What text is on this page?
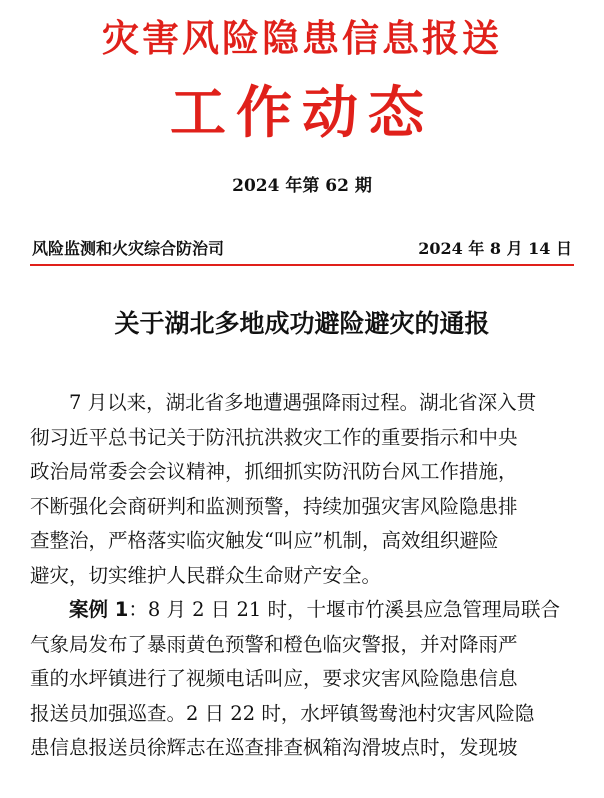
灾害风险隐患信息报送
工作动态
2024 年第 62 期
风险监测和火灾综合防治司	2024 年 8 月 14 日
关于湖北多地成功避险避灾的通报
7 月以来，湖北省多地遭遇强降雨过程。湖北省深入贯
彻习近平总书记关于防汛抗洪救灾工作的重要指示和中央
政治局常委会会议精神，抓细抓实防汛防台风工作措施，
不断强化会商研判和监测预警，持续加强灾害风险隐患排
查整治，严格落实临灾触发“叫应”机制，高效组织避险
避灾，切实维护人民群众生命财产安全。
案例 1：8 月 2 日 21 时，十堰市竹溪县应急管理局联合
气象局发布了暴雨黄色预警和橙色临灾警报，并对降雨严
重的水坪镇进行了视频电话叫应，要求灾害风险隐患信息
报送员加强巡查。2 日 22 时，水坪镇鸳鸯池村灾害风险隐
患信息报送员徐辉志在巡查排查枫箱沟滑坡点时，发现坡
